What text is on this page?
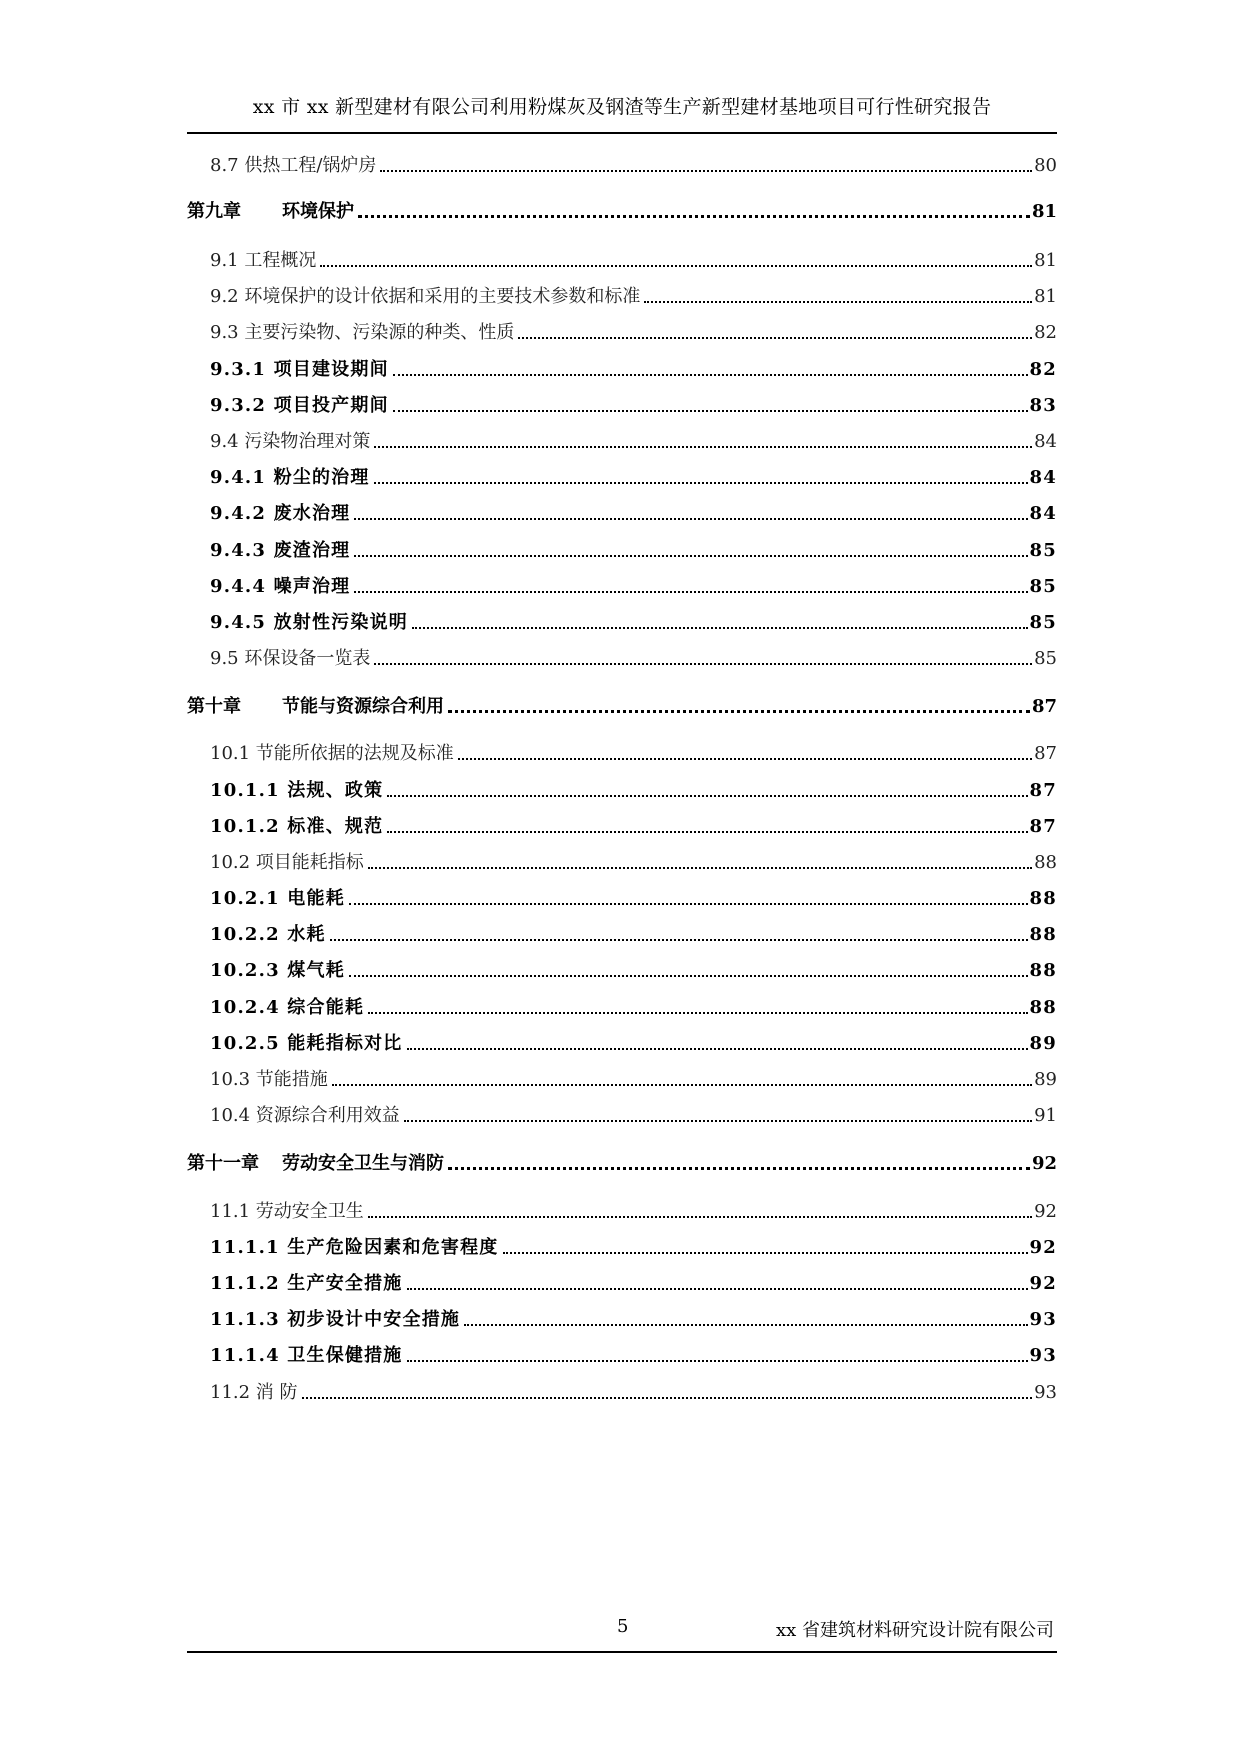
xx 市 xx 新型建材有限公司利用粉煤灰及钢渣等生产新型建材基地项目可行性研究报告
8.7 供热工程/锅炉房	80
第九章 环境保护	81
9.1 工程概况	81
9.2 环境保护的设计依据和采用的主要技术参数和标准	81
9.3 主要污染物、污染源的种类、性质	82
9.3.1 项目建设期间	82
9.3.2 项目投产期间	83
9.4 污染物治理对策	84
9.4.1 粉尘的治理	84
9.4.2 废水治理	84
9.4.3 废渣治理	85
9.4.4 噪声治理	85
9.4.5 放射性污染说明	85
9.5 环保设备一览表	85
第十章 节能与资源综合利用	87
10.1 节能所依据的法规及标准	87
10.1.1 法规、政策	87
10.1.2 标准、规范	87
10.2 项目能耗指标	88
10.2.1 电能耗	88
10.2.2 水耗	88
10.2.3 煤气耗	88
10.2.4 综合能耗	88
10.2.5 能耗指标对比	89
10.3 节能措施	89
10.4 资源综合利用效益	91
第十一章 劳动安全卫生与消防	92
11.1 劳动安全卫生	92
11.1.1 生产危险因素和危害程度	92
11.1.2 生产安全措施	92
11.1.3 初步设计中安全措施	93
11.1.4 卫生保健措施	93
11.2 消 防	93
5	xx 省建筑材料研究设计院有限公司
